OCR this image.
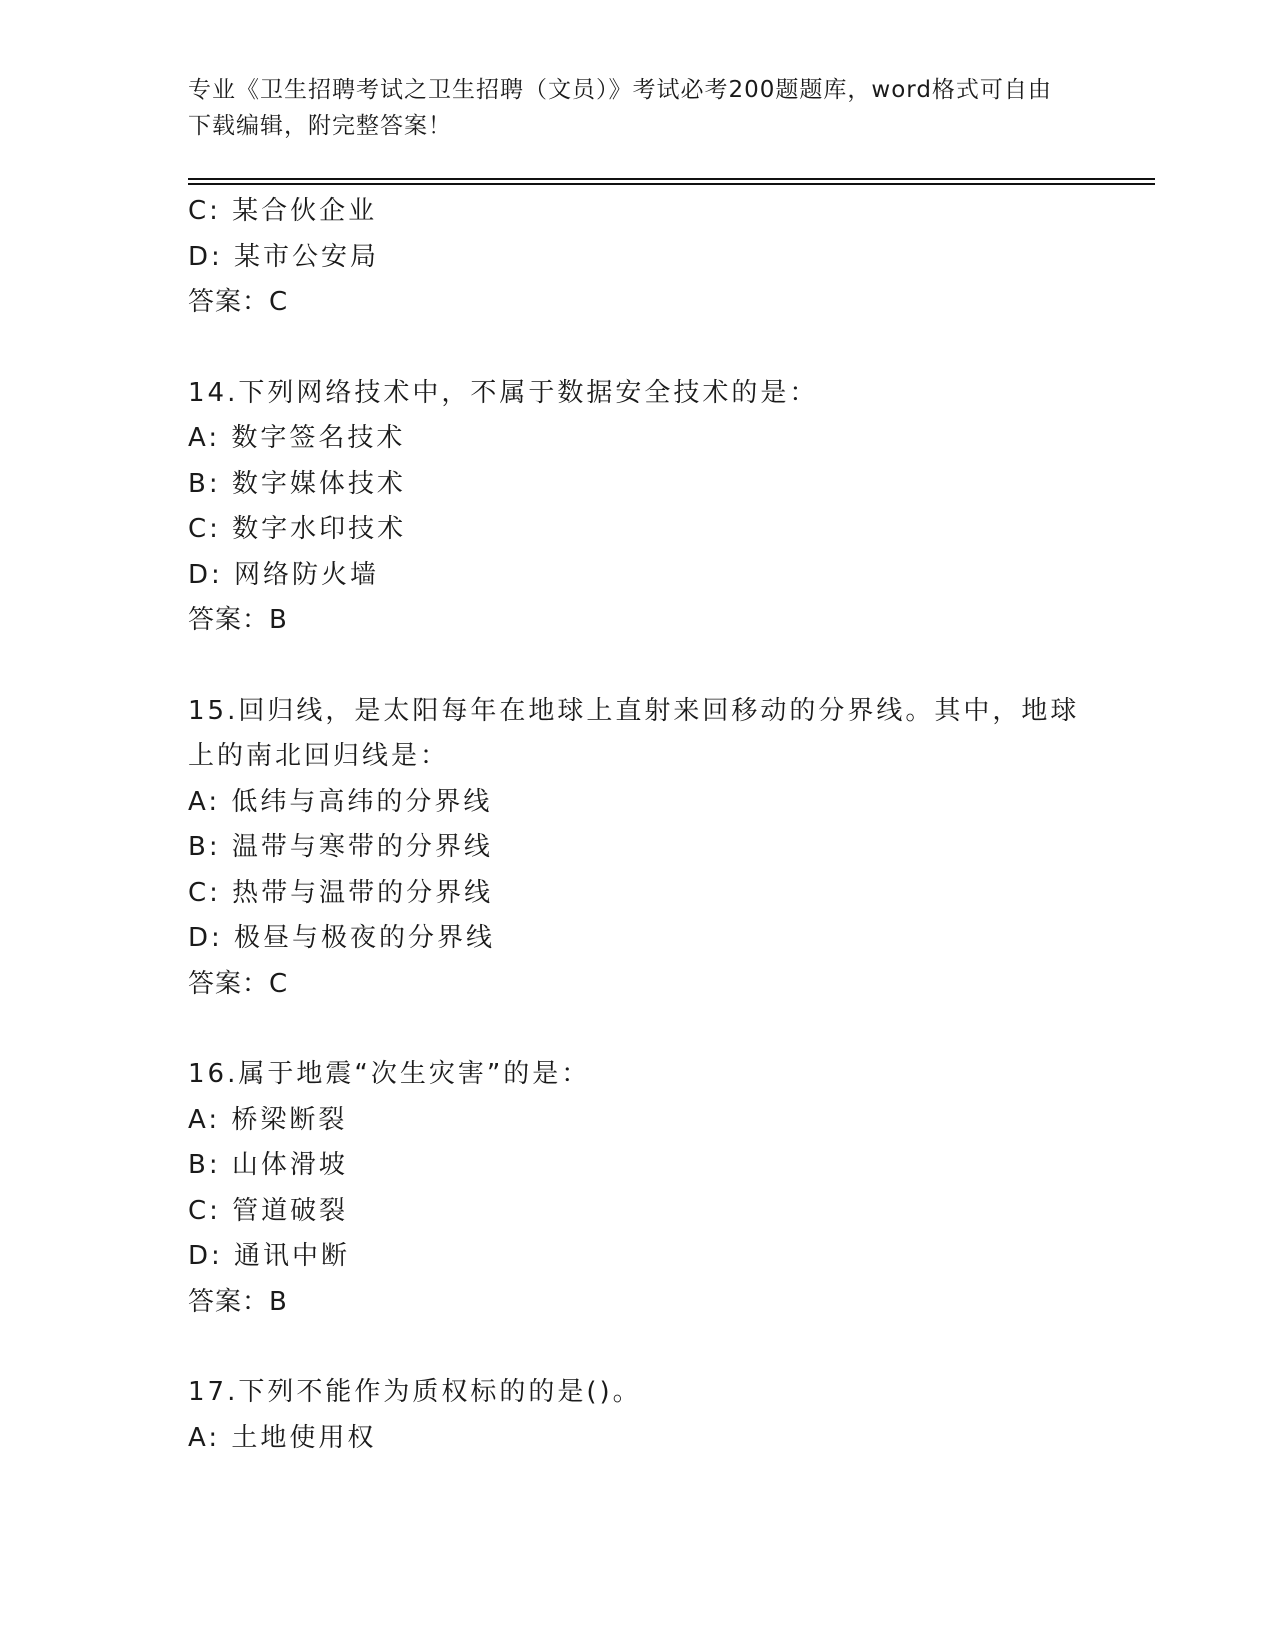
专业《卫生招聘考试之卫生招聘（文员）》考试必考200题题库，word格式可自由下载编辑，附完整答案！
C: 某合伙企业
D: 某市公安局
答案：C
14.下列网络技术中，不属于数据安全技术的是：
A: 数字签名技术
B: 数字媒体技术
C: 数字水印技术
D: 网络防火墙
答案：B
15.回归线，是太阳每年在地球上直射来回移动的分界线。其中，地球上的南北回归线是：
A: 低纬与高纬的分界线
B: 温带与寒带的分界线
C: 热带与温带的分界线
D: 极昼与极夜的分界线
答案：C
16.属于地震“次生灾害”的是：
A: 桥梁断裂
B: 山体滑坡
C: 管道破裂
D: 通讯中断
答案：B
17.下列不能作为质权标的的是()。
A: 土地使用权
